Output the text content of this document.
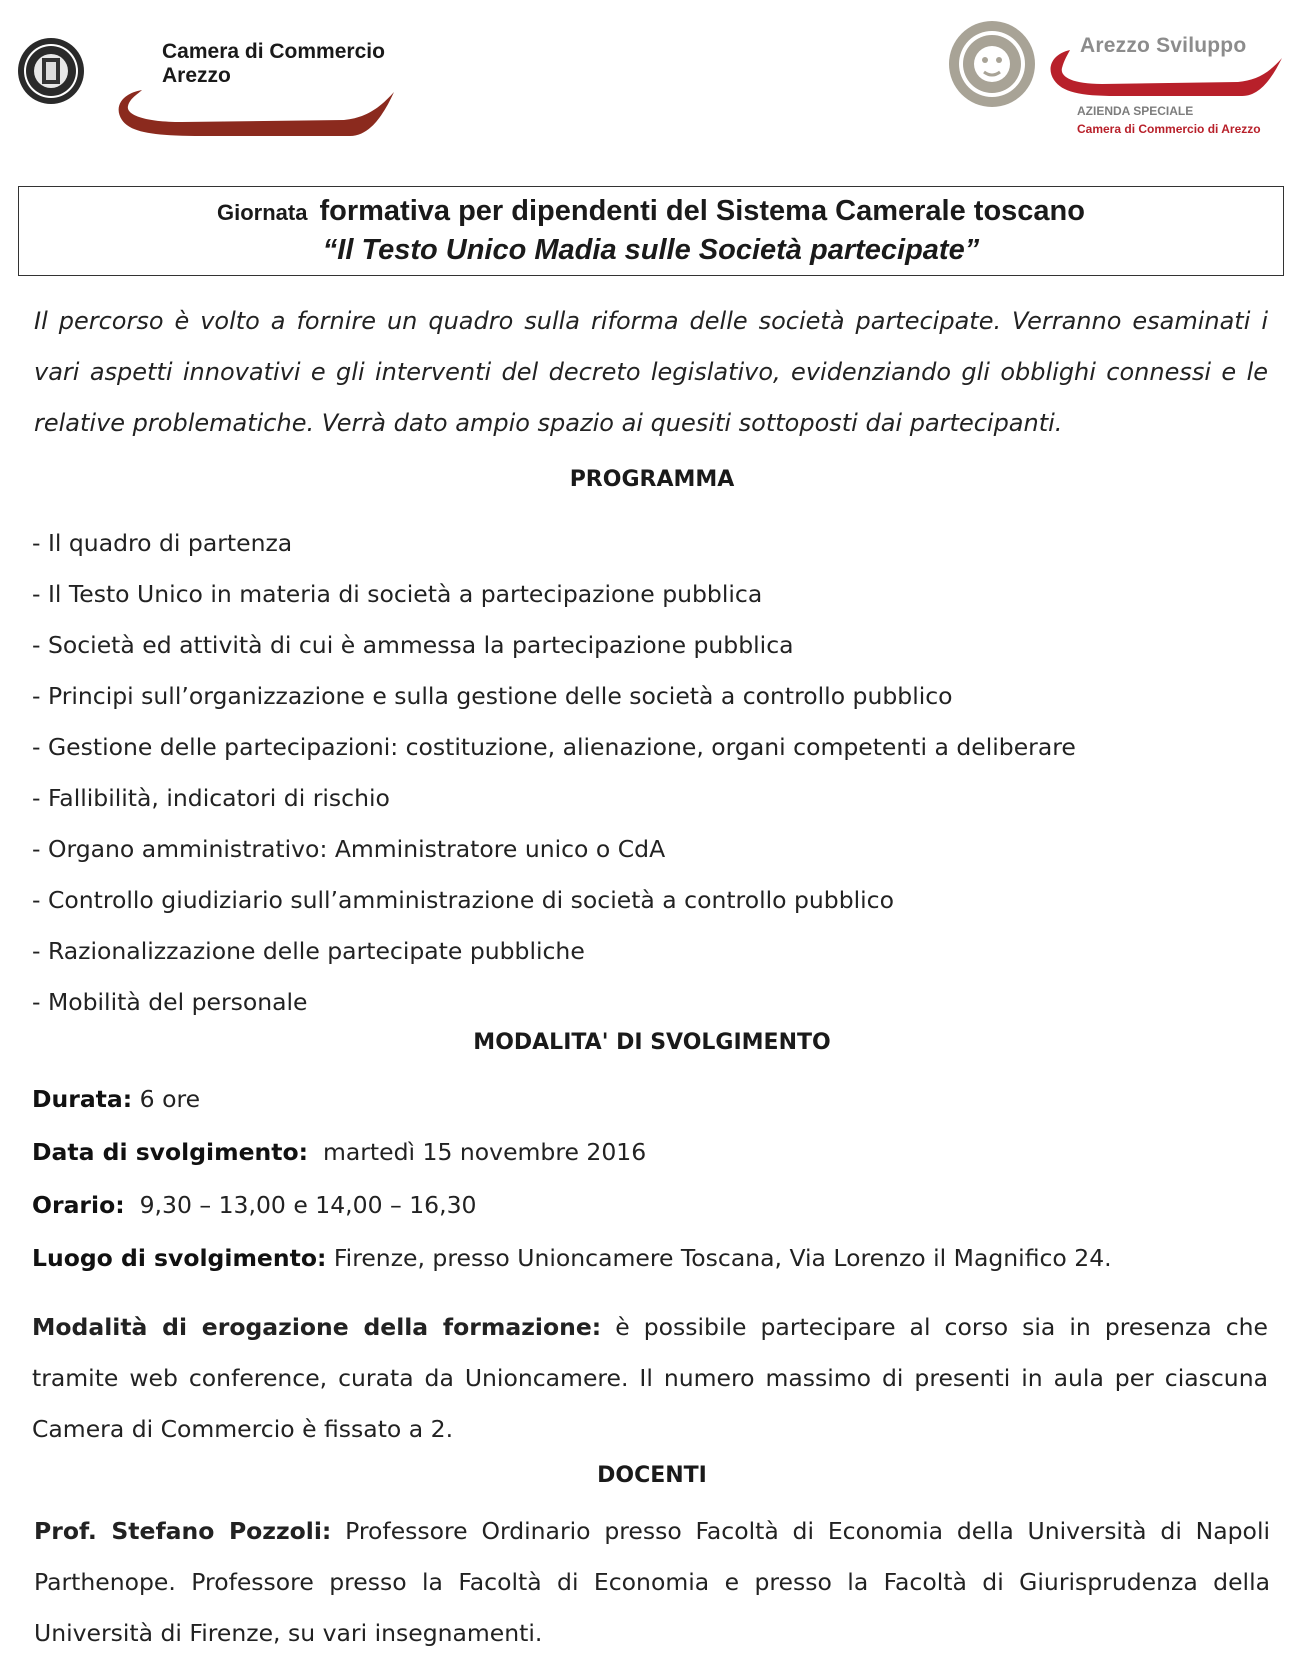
Camera di Commercio
Arezzo
Arezzo Sviluppo
AZIENDA SPECIALE
Camera di Commercio di Arezzo
Giornata formativa per dipendenti del Sistema Camerale toscano
“Il Testo Unico Madia sulle Società partecipate”
Il percorso è volto a fornire un quadro sulla riforma delle società partecipate. Verranno esaminati i vari aspetti innovativi e gli interventi del decreto legislativo, evidenziando gli obblighi connessi e le relative problematiche. Verrà dato ampio spazio ai quesiti sottoposti dai partecipanti.
PROGRAMMA
- Il quadro di partenza
- Il Testo Unico in materia di società a partecipazione pubblica
- Società ed attività di cui è ammessa la partecipazione pubblica
- Principi sull’organizzazione e sulla gestione delle società a controllo pubblico
- Gestione delle partecipazioni: costituzione, alienazione, organi competenti a deliberare
- Fallibilità, indicatori di rischio
- Organo amministrativo: Amministratore unico o CdA
- Controllo giudiziario sull’amministrazione di società a controllo pubblico
- Razionalizzazione delle partecipate pubbliche
- Mobilità del personale
MODALITA' DI SVOLGIMENTO
Durata: 6 ore
Data di svolgimento: martedì 15 novembre 2016
Orario: 9,30 – 13,00 e 14,00 – 16,30
Luogo di svolgimento: Firenze, presso Unioncamere Toscana, Via Lorenzo il Magnifico 24.
Modalità di erogazione della formazione: è possibile partecipare al corso sia in presenza che tramite web conference, curata da Unioncamere. Il numero massimo di presenti in aula per ciascuna Camera di Commercio è fissato a 2.
DOCENTI
Prof. Stefano Pozzoli: Professore Ordinario presso Facoltà di Economia della Università di Napoli Parthenope. Professore presso la Facoltà di Economia e presso la Facoltà di Giurisprudenza della Università di Firenze, su vari insegnamenti.
